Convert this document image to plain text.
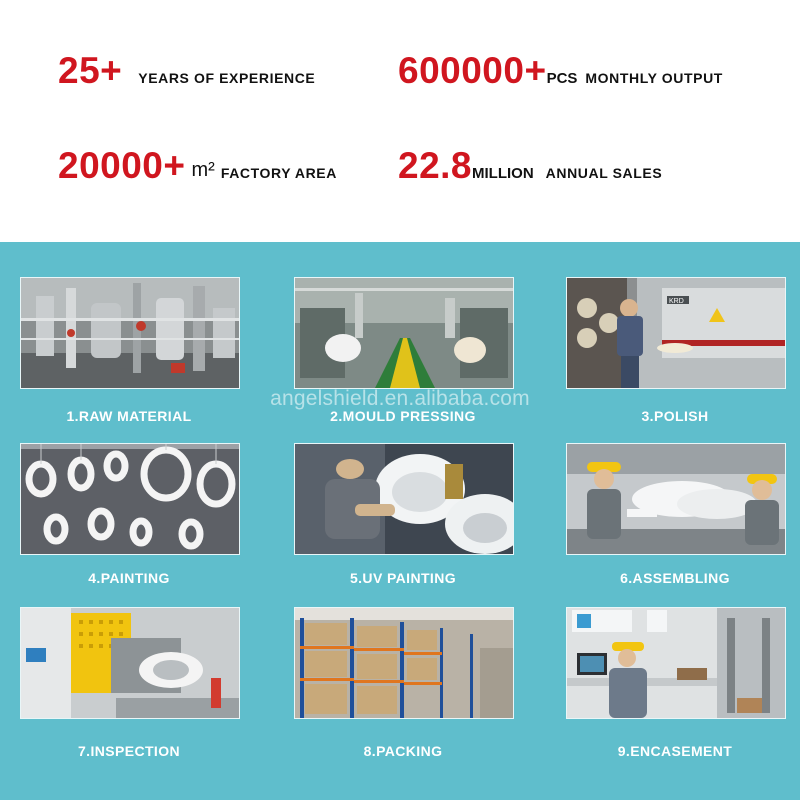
25+ YEARS OF EXPERIENCE 600000+ PCS MONTHLY OUTPUT
20000+ m² FACTORY AREA 22.8 MILLION ANNUAL SALES
1.RAW MATERIAL	2.MOULD PRESSING
KRD
3.POLISH
4.PAINTING	5.UV PAINTING	6.ASSEMBLING
7.INSPECTION	8.PACKING	9.ENCASEMENT
angelshield.en.alibaba.com
